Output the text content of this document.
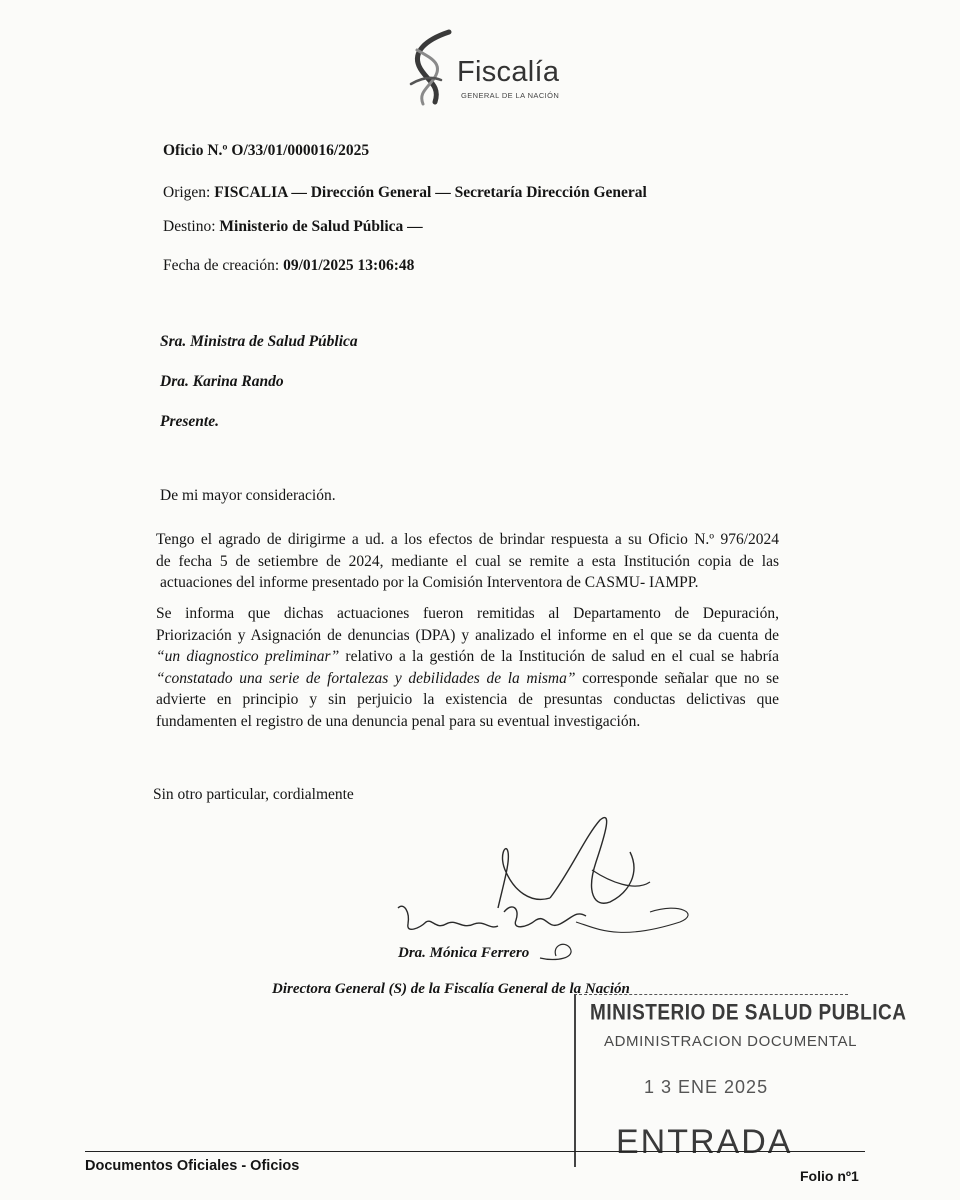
Fiscalía
GENERAL DE LA NACIÓN
Oficio N.º O/33/01/000016/2025
Origen: FISCALIA — Dirección General — Secretaría Dirección General
Destino: Ministerio de Salud Pública —
Fecha de creación: 09/01/2025 13:06:48
Sra. Ministra de Salud Pública
Dra. Karina Rando
Presente.
De mi mayor consideración.
Tengo el agrado de dirigirme a ud. a los efectos de brindar respuesta a su Oficio N.º 976/2024
de fecha 5 de setiembre de 2024, mediante el cual se remite a esta Institución copia de las
actuaciones del informe presentado por la Comisión Interventora de CASMU- IAMPP.
Se informa que dichas actuaciones fueron remitidas al Departamento de Depuración,
Priorización y Asignación de denuncias (DPA) y analizado el informe en el que se da cuenta de
“un diagnostico preliminar” relativo a la gestión de la Institución de salud en el cual se habría
“constatado una serie de fortalezas y debilidades de la misma” corresponde señalar que no se
advierte en principio y sin perjuicio la existencia de presuntas conductas delictivas que
fundamenten el registro de una denuncia penal para su eventual investigación.
Sin otro particular, cordialmente
Dra. Mónica Ferrero
Directora General (S) de la Fiscalía General de la Nación
MINISTERIO DE SALUD PUBLICA
ADMINISTRACION DOCUMENTAL
1 3 ENE 2025
ENTRADA
Documentos Oficiales - Oficios
Folio nº1
